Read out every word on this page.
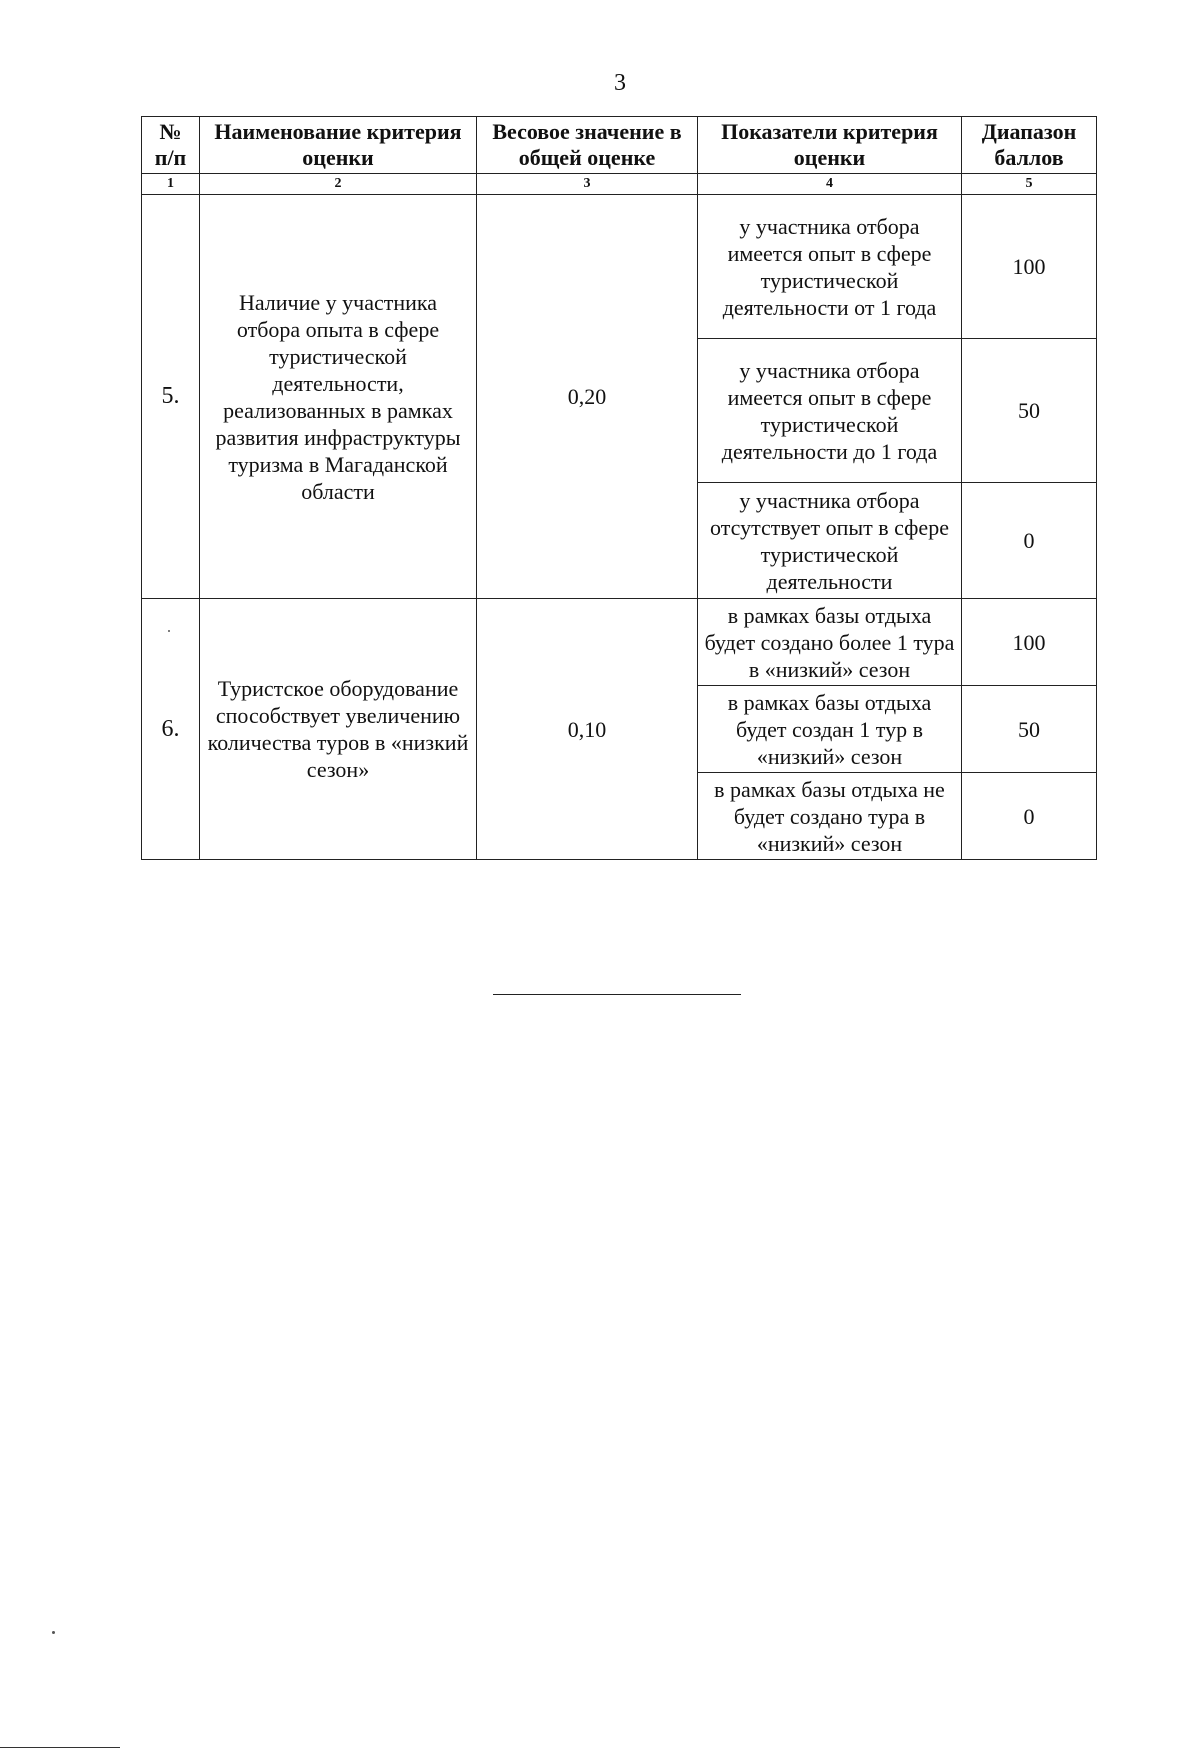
3
№
п/п	Наименование критерия оценки	Весовое значение в общей оценке	Показатели критерия оценки	Диапазон баллов
1	2	3	4	5
5.	Наличие у участника отбора опыта в сфере туристической деятельности, реализованных в рамках развития инфраструктуры туризма в Магаданской области	0,20	у участника отбора имеется опыт в сфере туристической деятельности от 1 года	100
			у участника отбора имеется опыт в сфере туристической деятельности до 1 года	50
			у участника отбора отсутствует опыт в сфере туристической деятельности	0
6.	Туристское оборудование способствует увеличению количества туров в «низкий сезон»	0,10	в рамках базы отдыха будет создано более 1 тура в «низкий» сезон	100
			в рамках базы отдыха будет создан 1 тур в «низкий» сезон	50
			в рамках базы отдыха не будет создано тура в «низкий» сезон	0
